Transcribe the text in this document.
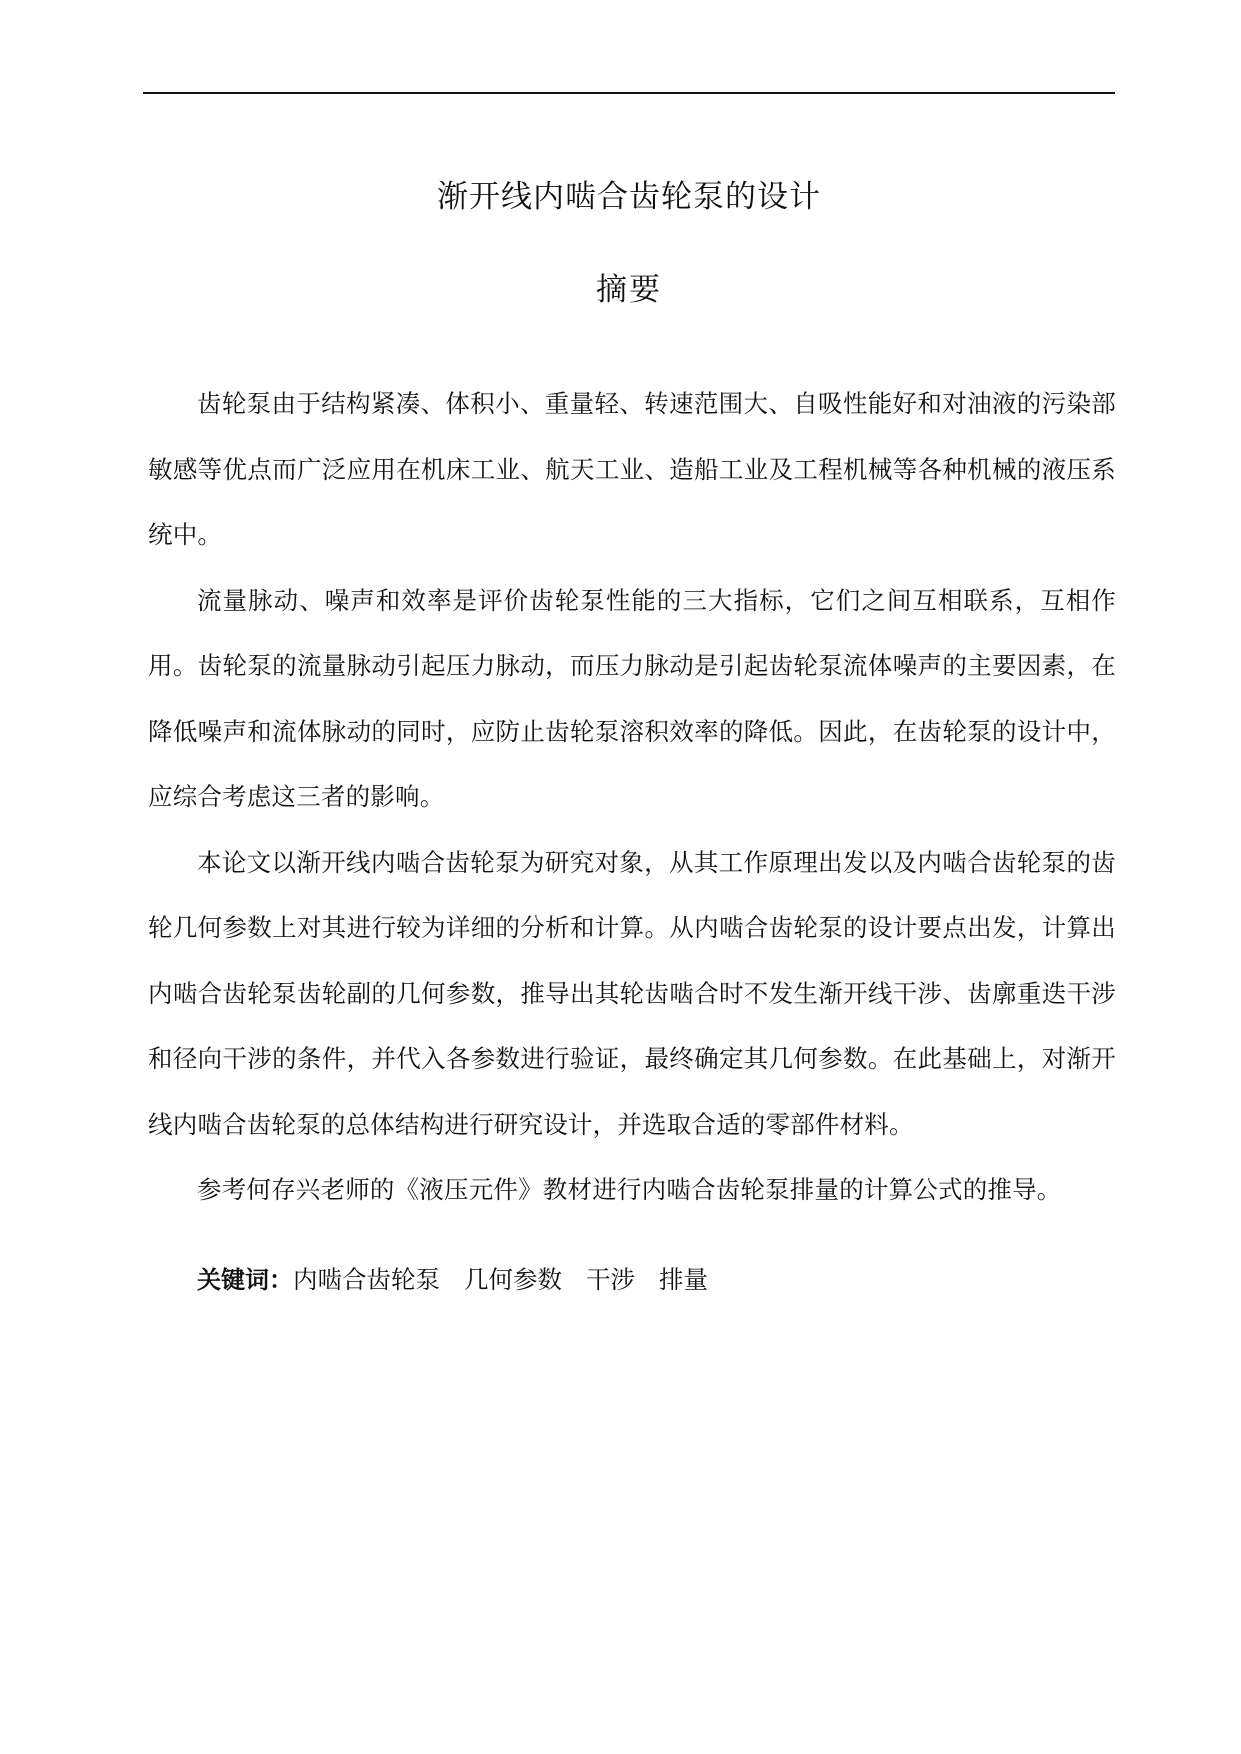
渐开线内啮合齿轮泵的设计
摘要

齿轮泵由于结构紧凑、体积小、重量轻、转速范围大、自吸性能好和对油液的污染部敏感等优点而广泛应用在机床工业、航天工业、造船工业及工程机械等各种机械的液压系统中。

流量脉动、噪声和效率是评价齿轮泵性能的三大指标，它们之间互相联系，互相作用。齿轮泵的流量脉动引起压力脉动，而压力脉动是引起齿轮泵流体噪声的主要因素，在降低噪声和流体脉动的同时，应防止齿轮泵溶积效率的降低。因此，在齿轮泵的设计中，应综合考虑这三者的影响。

本论文以渐开线内啮合齿轮泵为研究对象，从其工作原理出发以及内啮合齿轮泵的齿轮几何参数上对其进行较为详细的分析和计算。从内啮合齿轮泵的设计要点出发，计算出内啮合齿轮泵齿轮副的几何参数，推导出其轮齿啮合时不发生渐开线干涉、齿廓重迭干涉和径向干涉的条件，并代入各参数进行验证，最终确定其几何参数。在此基础上，对渐开线内啮合齿轮泵的总体结构进行研究设计，并选取合适的零部件材料。

参考何存兴老师的《液压元件》教材进行内啮合齿轮泵排量的计算公式的推导。

关键词：内啮合齿轮泵 几何参数 干涉 排量
